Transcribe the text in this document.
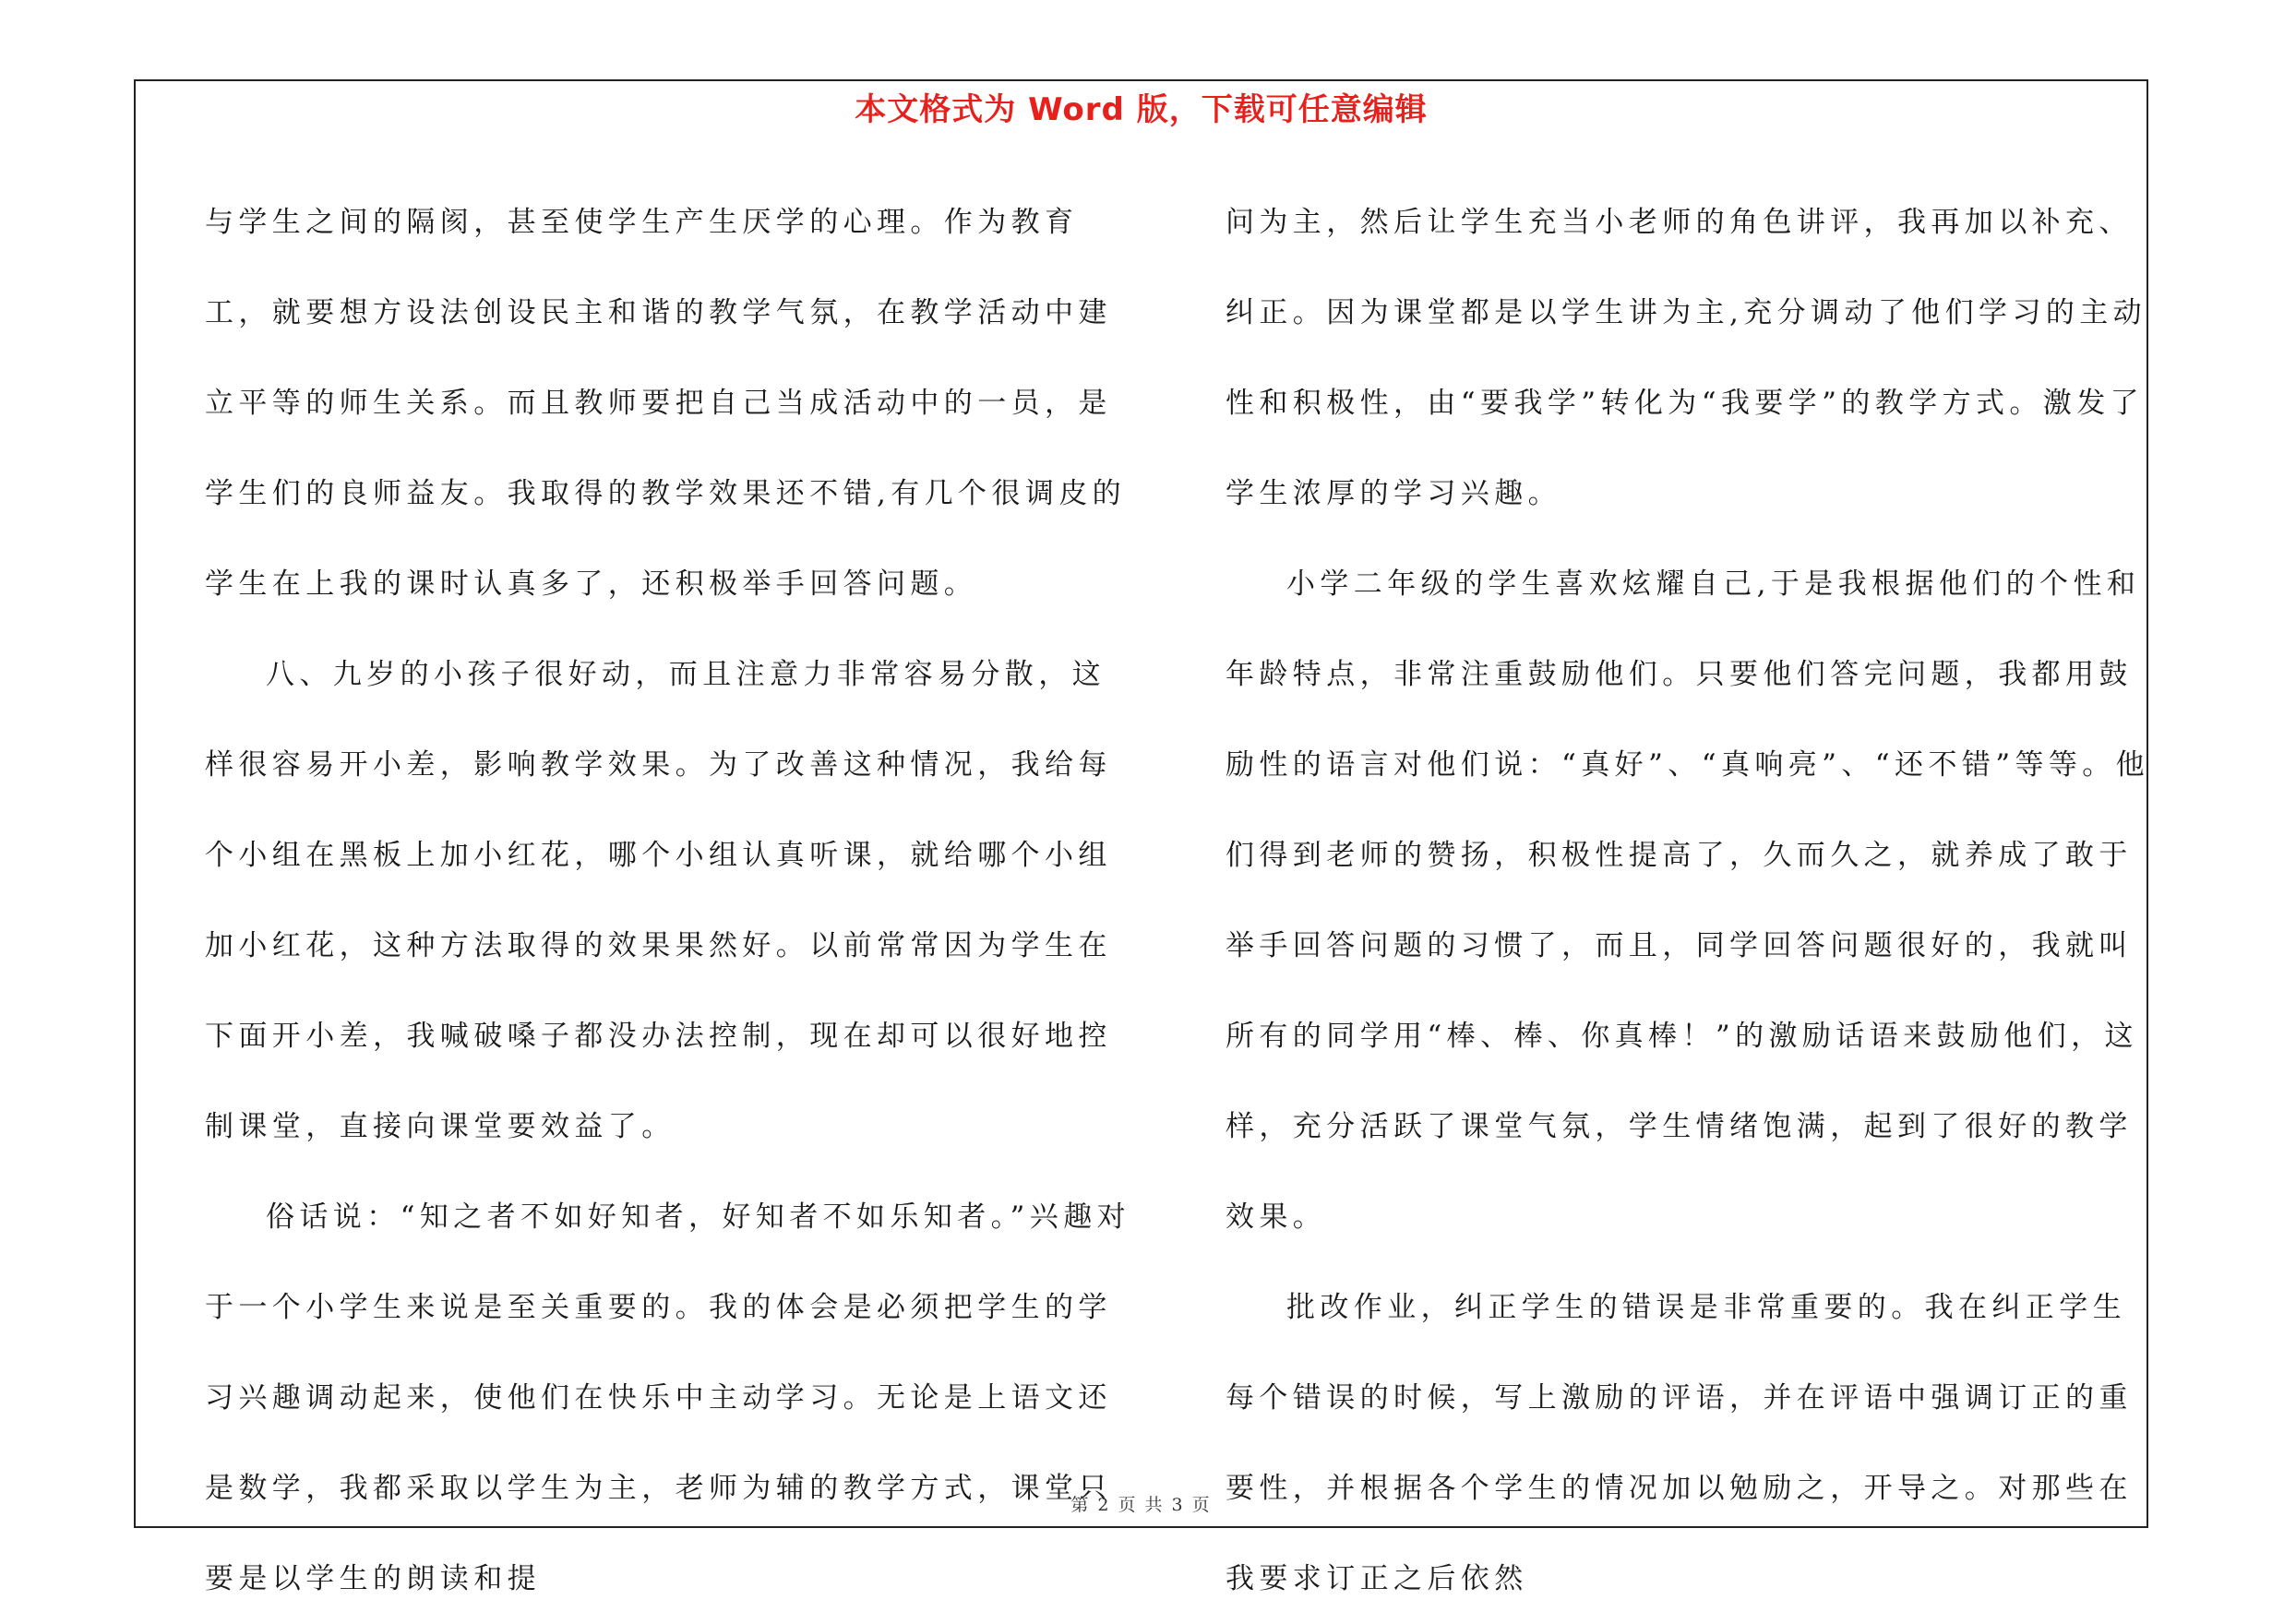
本文格式为 Word 版，下载可任意编辑

与学生之间的隔阂，甚至使学生产生厌学的心理。作为教育工，就要想方设法创设民主和谐的教学气氛，在教学活动中建立平等的师生关系。而且教师要把自己当成活动中的一员，是学生们的良师益友。我取得的教学效果还不错,有几个很调皮的学生在上我的课时认真多了，还积极举手回答问题。

八、九岁的小孩子很好动，而且注意力非常容易分散，这样很容易开小差，影响教学效果。为了改善这种情况，我给每个小组在黑板上加小红花，哪个小组认真听课，就给哪个小组加小红花，这种方法取得的效果果然好。以前常常因为学生在下面开小差，我喊破嗓子都没办法控制，现在却可以很好地控制课堂，直接向课堂要效益了。

俗话说：“知之者不如好知者，好知者不如乐知者。”兴趣对于一个小学生来说是至关重要的。我的体会是必须把学生的学习兴趣调动起来，使他们在快乐中主动学习。无论是上语文还是数学，我都采取以学生为主，老师为辅的教学方式，课堂只要是以学生的朗读和提

问为主，然后让学生充当小老师的角色讲评，我再加以补充、纠正。因为课堂都是以学生讲为主,充分调动了他们学习的主动性和积极性，由“要我学”转化为“我要学”的教学方式。激发了学生浓厚的学习兴趣。

小学二年级的学生喜欢炫耀自己,于是我根据他们的个性和年龄特点，非常注重鼓励他们。只要他们答完问题，我都用鼓励性的语言对他们说：“真好”、“真响亮”、“还不错”等等。他们得到老师的赞扬，积极性提高了，久而久之，就养成了敢于举手回答问题的习惯了，而且，同学回答问题很好的，我就叫所有的同学用“棒、棒、你真棒！”的激励话语来鼓励他们，这样，充分活跃了课堂气氛，学生情绪饱满，起到了很好的教学效果。

批改作业，纠正学生的错误是非常重要的。我在纠正学生每个错误的时候，写上激励的评语，并在评语中强调订正的重要性，并根据各个学生的情况加以勉励之，开导之。对那些在我要求订正之后依然

第 2 页 共 3 页
